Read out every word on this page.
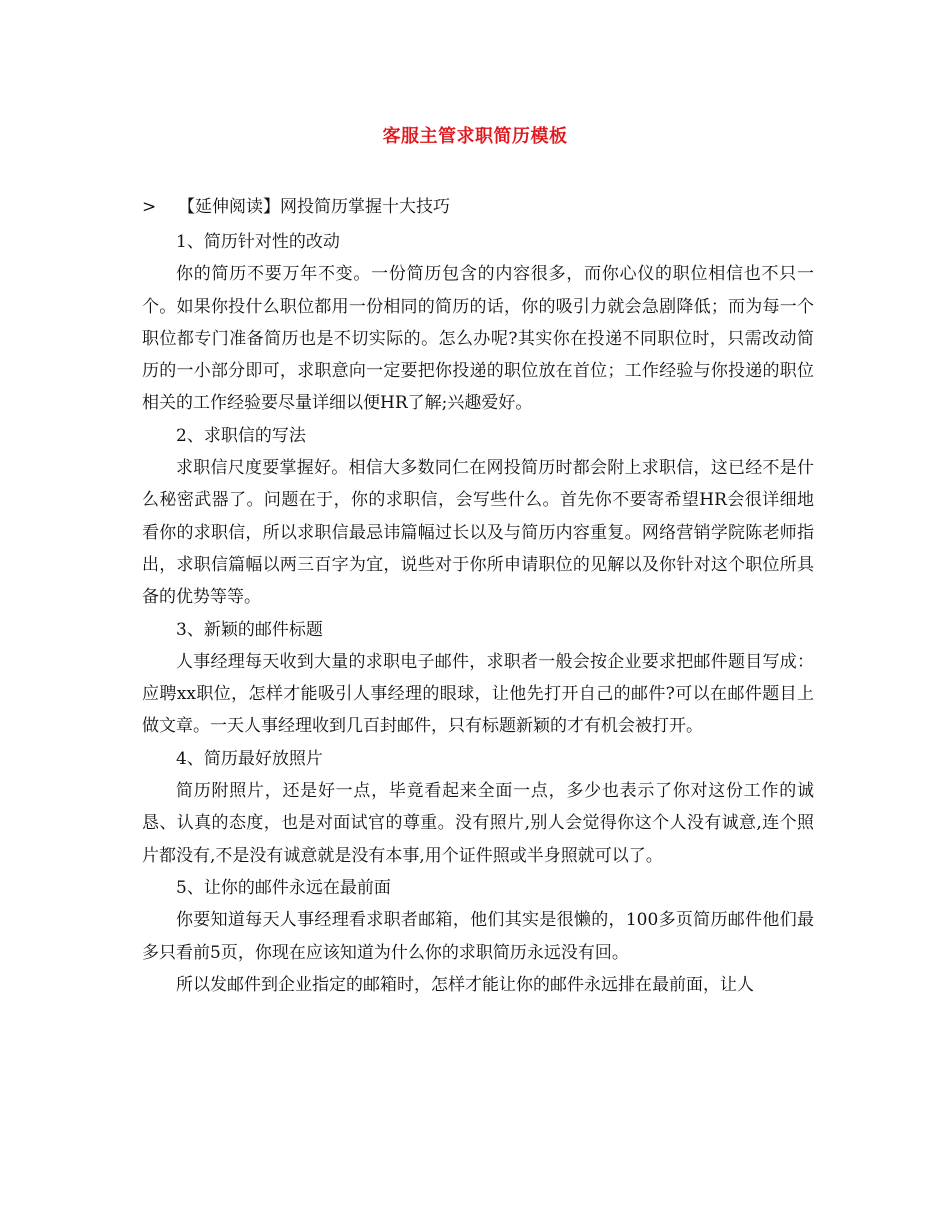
客服主管求职简历模板
> 【延伸阅读】网投简历掌握十大技巧

1、简历针对性的改动

你的简历不要万年不变。一份简历包含的内容很多，而你心仪的职位相信也不只一个。如果你投什么职位都用一份相同的简历的话，你的吸引力就会急剧降低；而为每一个职位都专门准备简历也是不切实际的。怎么办呢?其实你在投递不同职位时，只需改动简历的一小部分即可，求职意向一定要把你投递的职位放在首位；工作经验与你投递的职位相关的工作经验要尽量详细以便HR了解;兴趣爱好。

2、求职信的写法

求职信尺度要掌握好。相信大多数同仁在网投简历时都会附上求职信，这已经不是什么秘密武器了。问题在于，你的求职信，会写些什么。首先你不要寄希望HR会很详细地看你的求职信，所以求职信最忌讳篇幅过长以及与简历内容重复。网络营销学院陈老师指出，求职信篇幅以两三百字为宜，说些对于你所申请职位的见解以及你针对这个职位所具备的优势等等。

3、新颖的邮件标题

人事经理每天收到大量的求职电子邮件，求职者一般会按企业要求把邮件题目写成：应聘xx职位，怎样才能吸引人事经理的眼球，让他先打开自己的邮件?可以在邮件题目上做文章。一天人事经理收到几百封邮件，只有标题新颖的才有机会被打开。

4、简历最好放照片

简历附照片，还是好一点，毕竟看起来全面一点，多少也表示了你对这份工作的诚恳、认真的态度，也是对面试官的尊重。没有照片,别人会觉得你这个人没有诚意,连个照片都没有,不是没有诚意就是没有本事,用个证件照或半身照就可以了。

5、让你的邮件永远在最前面

你要知道每天人事经理看求职者邮箱，他们其实是很懒的，100多页简历邮件他们最多只看前5页，你现在应该知道为什么你的求职简历永远没有回。

所以发邮件到企业指定的邮箱时，怎样才能让你的邮件永远排在最前面，让人
